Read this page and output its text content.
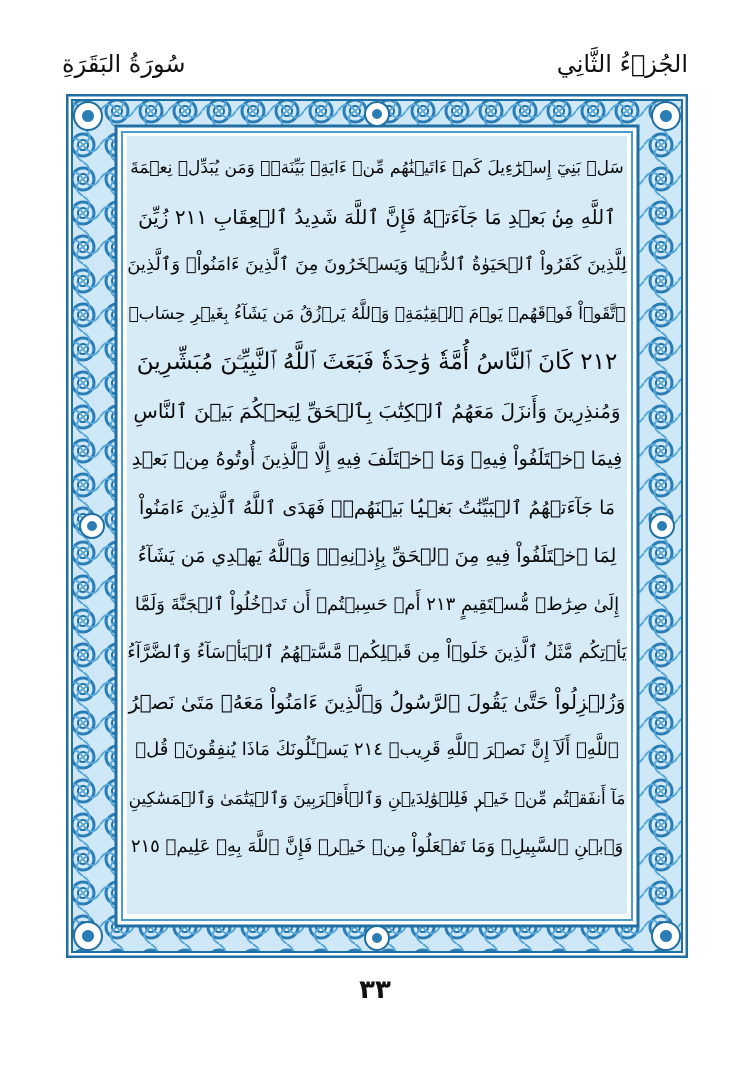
سُورَةُ البَقَرَةِ	الجُزۡءُ الثَّانِي
سَلۡ بَنِيٓ إِسۡرَٰٓءِيلَ كَمۡ ءَاتَيۡنَٰهُم مِّنۡ ءَايَةِۭ بَيِّنَةٖۗ وَمَن يُبَدِّلۡ نِعۡمَةَ
ٱللَّهِ مِنۢ بَعۡدِ مَا جَآءَتۡهُ فَإِنَّ ٱللَّهَ شَدِيدُ ٱلۡعِقَابِ ٢١١ زُيِّنَ
لِلَّذِينَ كَفَرُواْ ٱلۡحَيَوٰةُ ٱلدُّنۡيَا وَيَسۡخَرُونَ مِنَ ٱلَّذِينَ ءَامَنُواْۘ وَٱلَّذِينَ
ٱتَّقَوۡاْ فَوۡقَهُمۡ يَوۡمَ ٱلۡقِيَٰمَةِۗ وَٱللَّهُ يَرۡزُقُ مَن يَشَآءُ بِغَيۡرِ حِسَابٖ
٢١٢ كَانَ ٱلنَّاسُ أُمَّةٗ وَٰحِدَةٗ فَبَعَثَ ٱللَّهُ ٱلنَّبِيِّـۧنَ مُبَشِّرِينَ
وَمُنذِرِينَ وَأَنزَلَ مَعَهُمُ ٱلۡكِتَٰبَ بِٱلۡحَقِّ لِيَحۡكُمَ بَيۡنَ ٱلنَّاسِ
فِيمَا ٱخۡتَلَفُواْ فِيهِۚ وَمَا ٱخۡتَلَفَ فِيهِ إِلَّا ٱلَّذِينَ أُوتُوهُ مِنۢ بَعۡدِ
مَا جَآءَتۡهُمُ ٱلۡبَيِّنَٰتُ بَغۡيَۢا بَيۡنَهُمۡۖ فَهَدَى ٱللَّهُ ٱلَّذِينَ ءَامَنُواْ
لِمَا ٱخۡتَلَفُواْ فِيهِ مِنَ ٱلۡحَقِّ بِإِذۡنِهِۦۗ وَٱللَّهُ يَهۡدِي مَن يَشَآءُ
إِلَىٰ صِرَٰطٖ مُّسۡتَقِيمٍ ٢١٣ أَمۡ حَسِبۡتُمۡ أَن تَدۡخُلُواْ ٱلۡجَنَّةَ وَلَمَّا
يَأۡتِكُم مَّثَلُ ٱلَّذِينَ خَلَوۡاْ مِن قَبۡلِكُمۖ مَّسَّتۡهُمُ ٱلۡبَأۡسَآءُ وَٱلضَّرَّآءُ
وَزُلۡزِلُواْ حَتَّىٰ يَقُولَ ٱلرَّسُولُ وَٱلَّذِينَ ءَامَنُواْ مَعَهُۥ مَتَىٰ نَصۡرُ
ٱللَّهِۗ أَلَآ إِنَّ نَصۡرَ ٱللَّهِ قَرِيبٞ ٢١٤ يَسۡـَٔلُونَكَ مَاذَا يُنفِقُونَۖ قُلۡ
مَآ أَنفَقۡتُم مِّنۡ خَيۡرٖ فَلِلۡوَٰلِدَيۡنِ وَٱلۡأَقۡرَبِينَ وَٱلۡيَتَٰمَىٰ وَٱلۡمَسَٰكِينِ
وَٱبۡنِ ٱلسَّبِيلِۗ وَمَا تَفۡعَلُواْ مِنۡ خَيۡرٖ فَإِنَّ ٱللَّهَ بِهِۦ عَلِيمٞ ٢١٥
٣٣
